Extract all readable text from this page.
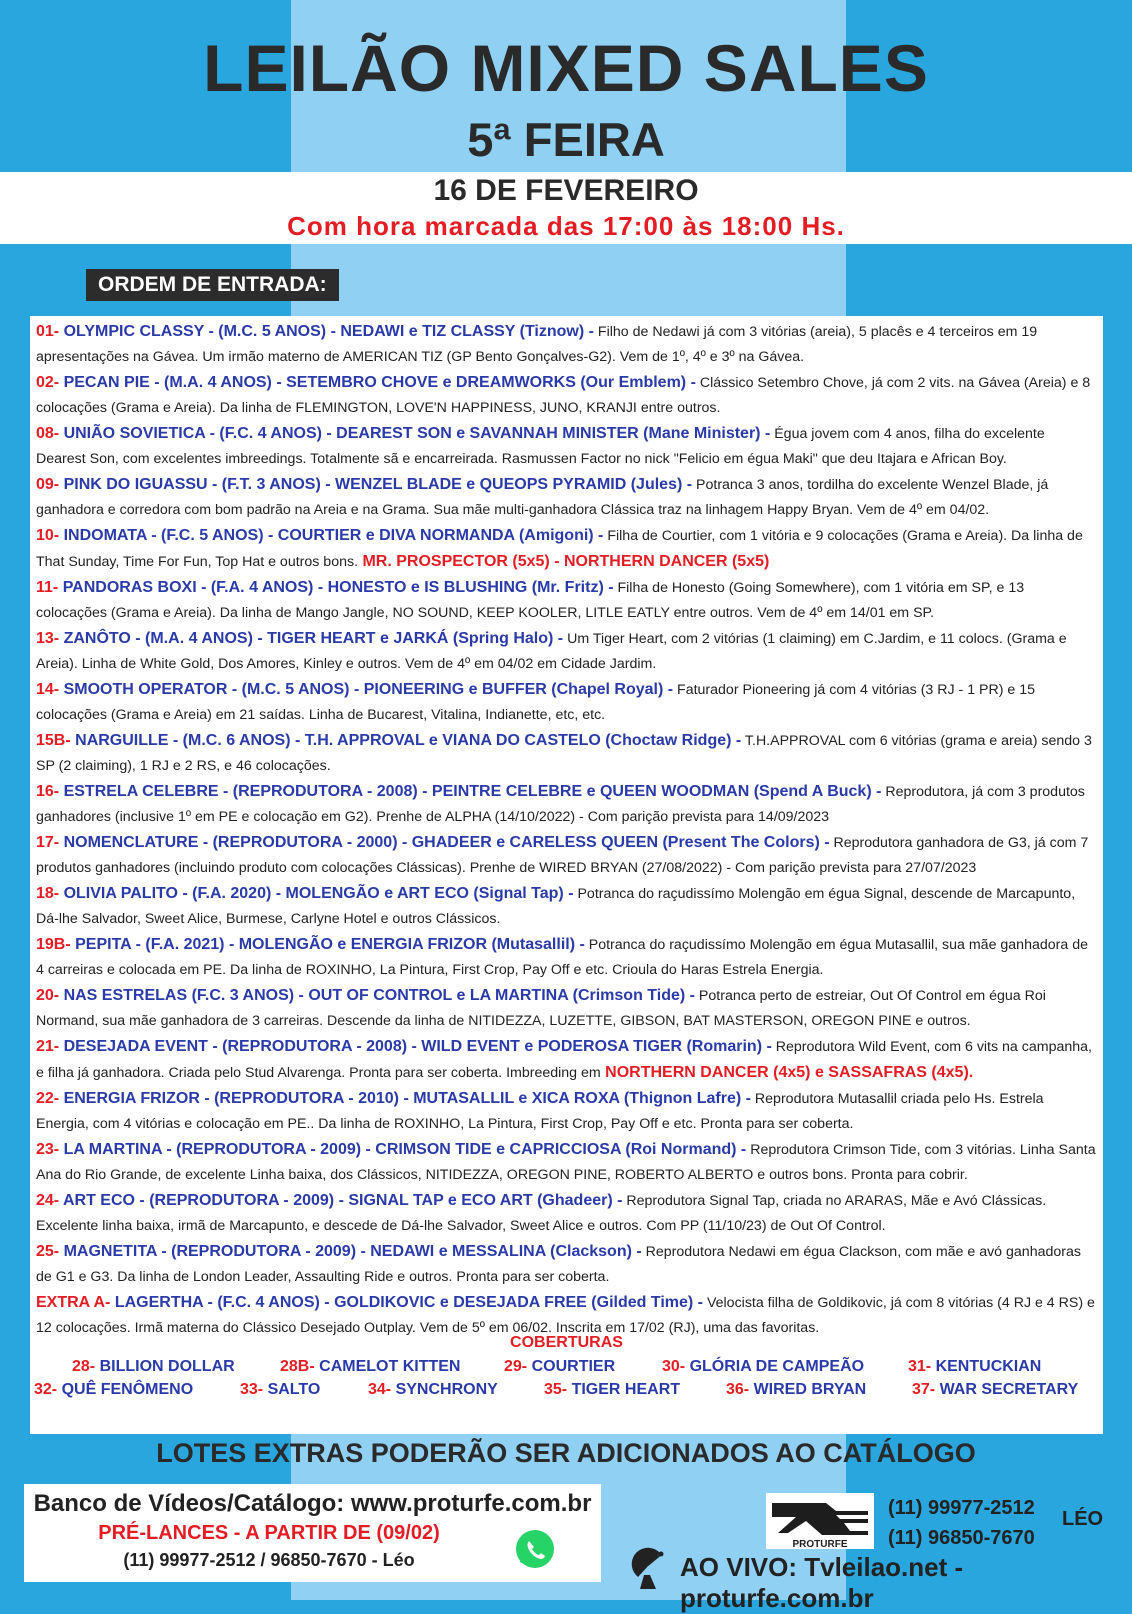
LEILÃO MIXED SALES
5ª FEIRA
16 DE FEVEREIRO
Com hora marcada das 17:00 às 18:00 Hs.
ORDEM DE ENTRADA:
01- OLYMPIC CLASSY - (M.C. 5 ANOS) - NEDAWI e TIZ CLASSY (Tiznow) - Filho de Nedawi já com 3 vitórias (areia), 5 placês e 4 terceiros em 19 apresentações na Gávea. Um irmão materno de AMERICAN TIZ (GP Bento Gonçalves-G2). Vem de 1º, 4º e 3º na Gávea.
02- PECAN PIE - (M.A. 4 ANOS) - SETEMBRO CHOVE e DREAMWORKS (Our Emblem) - Clássico Setembro Chove, já com 2 vits. na Gávea (Areia) e 8 colocações (Grama e Areia). Da linha de FLEMINGTON, LOVE'N HAPPINESS, JUNO, KRANJI entre outros.
08- UNIÃO SOVIETICA - (F.C. 4 ANOS) - DEAREST SON e SAVANNAH MINISTER (Mane Minister) - Égua jovem com 4 anos, filha do excelente Dearest Son, com excelentes imbreedings. Totalmente sã e encarreirada. Rasmussen Factor no nick "Felicio em égua Maki" que deu Itajara e African Boy.
09- PINK DO IGUASSU - (F.T. 3 ANOS) - WENZEL BLADE e QUEOPS PYRAMID (Jules) - Potranca 3 anos, tordilha do excelente Wenzel Blade, já ganhadora e corredora com bom padrão na Areia e na Grama. Sua mãe multi-ganhadora Clássica traz na linhagem Happy Bryan. Vem de 4º em 04/02.
10- INDOMATA - (F.C. 5 ANOS) - COURTIER e DIVA NORMANDA (Amigoni) - Filha de Courtier, com 1 vitória e 9 colocações (Grama e Areia). Da linha de That Sunday, Time For Fun, Top Hat e outros bons. MR. PROSPECTOR (5x5) - NORTHERN DANCER (5x5)
11- PANDORAS BOXI - (F.A. 4 ANOS) - HONESTO e IS BLUSHING (Mr. Fritz) - Filha de Honesto (Going Somewhere), com 1 vitória em SP, e 13 colocações (Grama e Areia). Da linha de Mango Jangle, NO SOUND, KEEP KOOLER, LITLE EATLY entre outros. Vem de 4º em 14/01 em SP.
13- ZANÔTO - (M.A. 4 ANOS) - TIGER HEART e JARKÁ (Spring Halo) - Um Tiger Heart, com 2 vitórias (1 claiming) em C.Jardim, e 11 colocs. (Grama e Areia). Linha de White Gold, Dos Amores, Kinley e outros. Vem de 4º em 04/02 em Cidade Jardim.
14- SMOOTH OPERATOR - (M.C. 5 ANOS) - PIONEERING e BUFFER (Chapel Royal) - Faturador Pioneering já com 4 vitórias (3 RJ - 1 PR) e 15 colocações (Grama e Areia) em 21 saídas. Linha de Bucarest, Vitalina, Indianette, etc, etc.
15B- NARGUILLE - (M.C. 6 ANOS) - T.H. APPROVAL e VIANA DO CASTELO (Choctaw Ridge) - T.H.APPROVAL com 6 vitórias (grama e areia) sendo 3 SP (2 claiming), 1 RJ e 2 RS, e 46 colocações.
16- ESTRELA CELEBRE - (REPRODUTORA - 2008) - PEINTRE CELEBRE e QUEEN WOODMAN (Spend A Buck) - Reprodutora, já com 3 produtos ganhadores (inclusive 1º em PE e colocação em G2). Prenhe de ALPHA (14/10/2022) - Com parição prevista para 14/09/2023
17- NOMENCLATURE - (REPRODUTORA - 2000) - GHADEER e CARELESS QUEEN (Present The Colors) - Reprodutora ganhadora de G3, já com 7 produtos ganhadores (incluindo produto com colocações Clássicas). Prenhe de WIRED BRYAN (27/08/2022) - Com parição prevista para 27/07/2023
18- OLIVIA PALITO - (F.A. 2020) - MOLENGÃO e ART ECO (Signal Tap) - Potranca do raçudissímo Molengão em égua Signal, descende de Marcapunto, Dá-lhe Salvador, Sweet Alice, Burmese, Carlyne Hotel e outros Clássicos.
19B- PEPITA - (F.A. 2021) - MOLENGÃO e ENERGIA FRIZOR (Mutasallil) - Potranca do raçudissímo Molengão em égua Mutasallil, sua mãe ganhadora de 4 carreiras e colocada em PE. Da linha de ROXINHO, La Pintura, First Crop, Pay Off e etc. Crioula do Haras Estrela Energia.
20- NAS ESTRELAS (F.C. 3 ANOS) - OUT OF CONTROL e LA MARTINA (Crimson Tide) - Potranca perto de estreiar, Out Of Control em égua Roi Normand, sua mãe ganhadora de 3 carreiras. Descende da linha de NITIDEZZA, LUZETTE, GIBSON, BAT MASTERSON, OREGON PINE e outros.
21- DESEJADA EVENT - (REPRODUTORA - 2008) - WILD EVENT e PODEROSA TIGER (Romarin) - Reprodutora Wild Event, com 6 vits na campanha, e filha já ganhadora. Criada pelo Stud Alvarenga. Pronta para ser coberta. Imbreeding em NORTHERN DANCER (4x5) e SASSAFRAS (4x5).
22- ENERGIA FRIZOR - (REPRODUTORA - 2010) - MUTASALLIL e XICA ROXA (Thignon Lafre) - Reprodutora Mutasallil criada pelo Hs. Estrela Energia, com 4 vitórias e colocação em PE.. Da linha de ROXINHO, La Pintura, First Crop, Pay Off e etc. Pronta para ser coberta.
23- LA MARTINA - (REPRODUTORA - 2009) - CRIMSON TIDE e CAPRICCIOSA (Roi Normand) - Reprodutora Crimson Tide, com 3 vitórias. Linha Santa Ana do Rio Grande, de excelente Linha baixa, dos Clássicos, NITIDEZZA, OREGON PINE, ROBERTO ALBERTO e outros bons. Pronta para cobrir.
24- ART ECO - (REPRODUTORA - 2009) - SIGNAL TAP e ECO ART (Ghadeer) - Reprodutora Signal Tap, criada no ARARAS, Mãe e Avó Clássicas. Excelente linha baixa, irmã de Marcapunto, e descede de Dá-lhe Salvador, Sweet Alice e outros. Com PP (11/10/23) de Out Of Control.
25- MAGNETITA - (REPRODUTORA - 2009) - NEDAWI e MESSALINA (Clackson) - Reprodutora Nedawi em égua Clackson, com mãe e avó ganhadoras de G1 e G3. Da linha de London Leader, Assaulting Ride e outros. Pronta para ser coberta.
EXTRA A- LAGERTHA - (F.C. 4 ANOS) - GOLDIKOVIC e DESEJADA FREE (Gilded Time) - Velocista filha de Goldikovic, já com 8 vitórias (4 RJ e 4 RS) e 12 colocações. Irmã materna do Clássico Desejado Outplay. Vem de 5º em 06/02. Inscrita em 17/02 (RJ), uma das favoritas.
COBERTURAS
28- BILLION DOLLAR	28B- CAMELOT KITTEN	29- COURTIER	30- GLÓRIA DE CAMPEÃO	31- KENTUCKIAN
32- QUÊ FENÔMENO	33- SALTO	34- SYNCHRONY	35- TIGER HEART	36- WIRED BRYAN	37- WAR SECRETARY
LOTES EXTRAS PODERÃO SER ADICIONADOS AO CATÁLOGO
Banco de Vídeos/Catálogo: www.proturfe.com.br
PRÉ-LANCES - A PARTIR DE (09/02)
(11) 99977-2512 / 96850-7670 - Léo
PROTURFE
(11) 99977-2512
(11) 96850-7670
LÉO
AO VIVO: Tvleilao.net - proturfe.com.br
